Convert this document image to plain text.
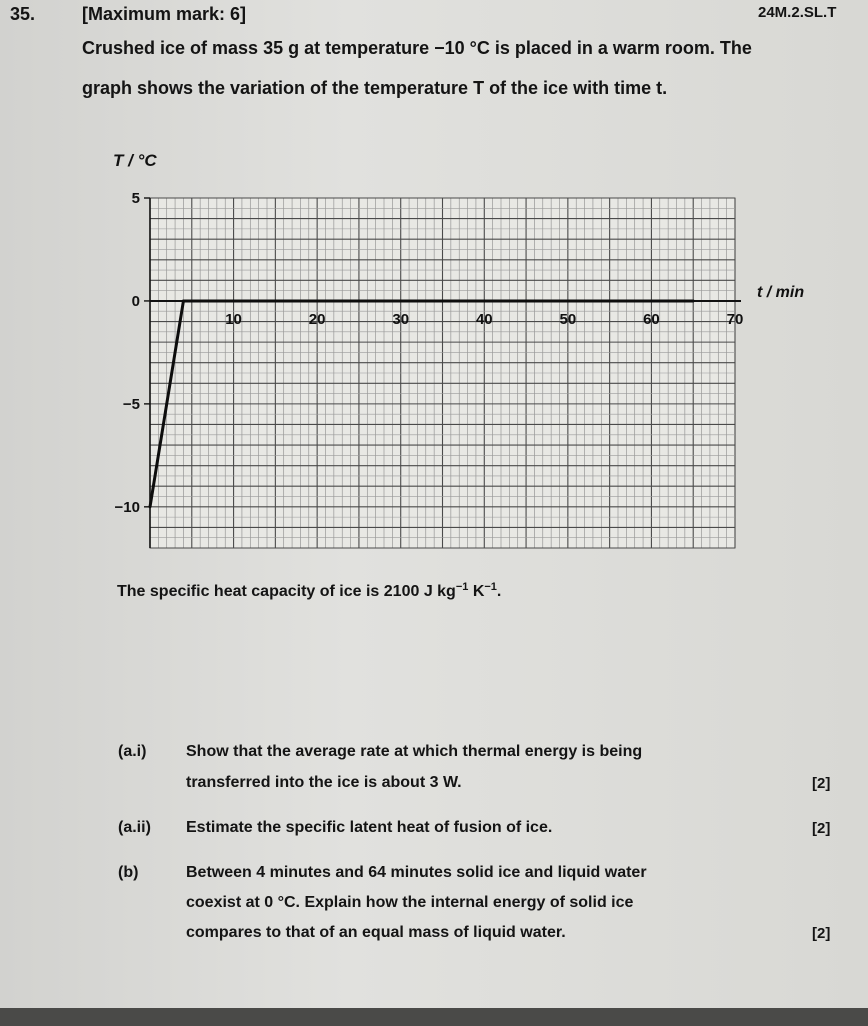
35.	[Maximum mark: 6]	24M.2.SL.T
Crushed ice of mass 35 g at temperature −10 °C is placed in a warm room. The
graph shows the variation of the temperature T of the ice with time t.
5
0
−5
−10
10	20	30	40	50	60	70
T / °C
t / min
The specific heat capacity of ice is 2100 J $kg^{-1}$ $K^{-1}$.
(a.i) Show that the average rate at which thermal energy is being
transferred into the ice is about 3 W.	[2]
(a.ii) Estimate the specific latent heat of fusion of ice.	[2]
(b)	Between 4 minutes and 64 minutes solid ice and liquid water
coexist at 0 °C. Explain how the internal energy of solid ice
compares to that of an equal mass of liquid water.	[2]
